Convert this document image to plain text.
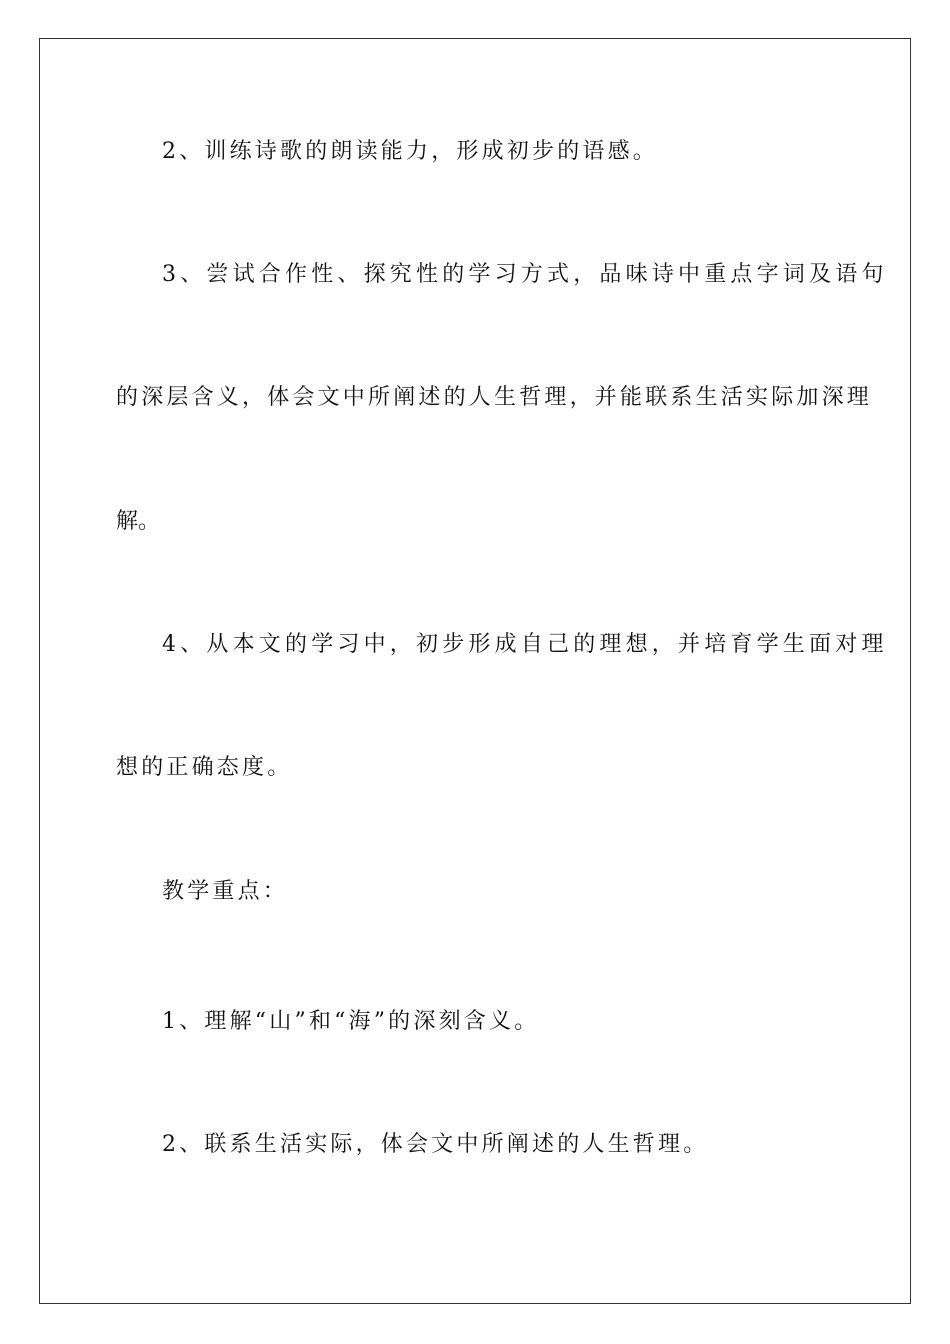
2、训练诗歌的朗读能力，形成初步的语感。

3、尝试合作性、探究性的学习方式，品味诗中重点字词及语句

的深层含义，体会文中所阐述的人生哲理，并能联系生活实际加深理

解。

4、从本文的学习中，初步形成自己的理想，并培育学生面对理

想的正确态度。

教学重点：

1、理解“山”和“海”的深刻含义。

2、联系生活实际，体会文中所阐述的人生哲理。
